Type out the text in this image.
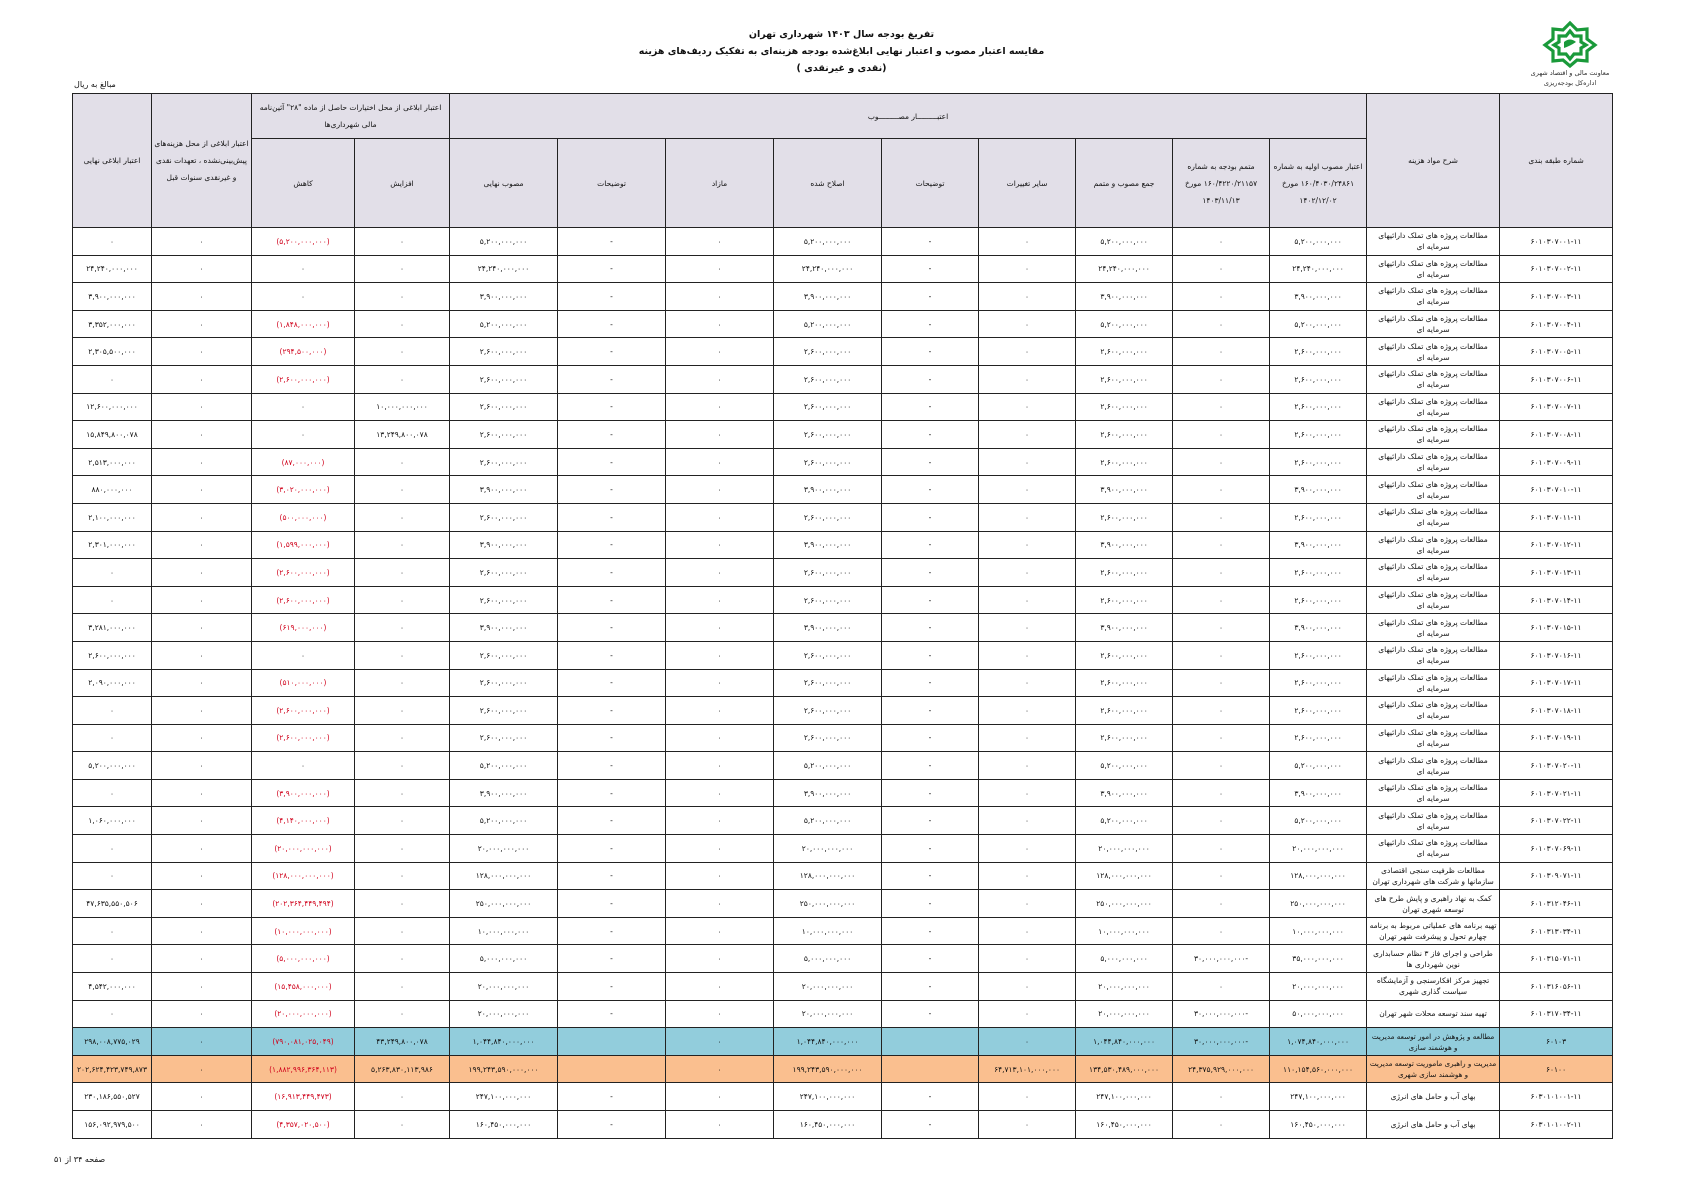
معاونت مالی و اقتصاد شهری
اداره‌کل بودجه‌ریزی
تفریغ بودجه سال ۱۴۰۳ شهرداری تهران
مقایسه اعتبار مصوب و اعتبار نهایی ابلاغ‌شده بودجه هزینه‌ای به تفکیک ردیف‌های هزینه
(نقدی و غیرنقدی )
مبالغ به ریال
شماره طبقه بندی	شرح مواد هزینه	اعتبـــــــــار مصـــــــــوب									اعتبار ابلاغی از محل اختیارات حاصل از ماده "۲۸" آئین‌نامه مالی شهرداری‌ها		اعتبار ابلاغی از محل هزینه‌های پیش‌بینی‌نشده ، تعهدات نقدی و غیرنقدی سنوات قبل	اعتبار ابلاغی نهایی
		اعتبار مصوب اولیه به شماره ۱۶۰/۴۰۳۰/۲۴۸۶۱ مورخ ۱۴۰۲/۱۲/۰۲	متمم بودجه به شماره ۱۶۰/۴۲۲۰/۲۱۱۵۷ مورخ ۱۴۰۳/۱۱/۱۳	جمع مصوب و متمم	سایر تغییرات	توضیحات	اصلاح شده	مازاد	توضیحات	مصوب نهایی	افزایش	کاهش		
۶۰۱۰۳۰۷۰۰۱-۱۱	مطالعات پروژه های تملک دارائیهای سرمایه ای	۵,۲۰۰,۰۰۰,۰۰۰	۰	۵,۲۰۰,۰۰۰,۰۰۰	۰	-	۵,۲۰۰,۰۰۰,۰۰۰	۰	-	۵,۲۰۰,۰۰۰,۰۰۰	۰	(۵,۲۰۰,۰۰۰,۰۰۰)	۰	۰
۶۰۱۰۳۰۷۰۰۲-۱۱	مطالعات پروژه های تملک دارائیهای سرمایه ای	۲۴,۲۴۰,۰۰۰,۰۰۰	۰	۲۴,۲۴۰,۰۰۰,۰۰۰	۰	-	۲۴,۲۴۰,۰۰۰,۰۰۰	۰	-	۲۴,۲۴۰,۰۰۰,۰۰۰	۰	۰	۰	۲۴,۲۴۰,۰۰۰,۰۰۰
۶۰۱۰۳۰۷۰۰۳-۱۱	مطالعات پروژه های تملک دارائیهای سرمایه ای	۳,۹۰۰,۰۰۰,۰۰۰	۰	۳,۹۰۰,۰۰۰,۰۰۰	۰	-	۳,۹۰۰,۰۰۰,۰۰۰	۰	-	۳,۹۰۰,۰۰۰,۰۰۰	۰	۰	۰	۳,۹۰۰,۰۰۰,۰۰۰
۶۰۱۰۳۰۷۰۰۴-۱۱	مطالعات پروژه های تملک دارائیهای سرمایه ای	۵,۲۰۰,۰۰۰,۰۰۰	۰	۵,۲۰۰,۰۰۰,۰۰۰	۰	-	۵,۲۰۰,۰۰۰,۰۰۰	۰	-	۵,۲۰۰,۰۰۰,۰۰۰	۰	(۱,۸۴۸,۰۰۰,۰۰۰)	۰	۳,۳۵۲,۰۰۰,۰۰۰
۶۰۱۰۳۰۷۰۰۵-۱۱	مطالعات پروژه های تملک دارائیهای سرمایه ای	۲,۶۰۰,۰۰۰,۰۰۰	۰	۲,۶۰۰,۰۰۰,۰۰۰	۰	-	۲,۶۰۰,۰۰۰,۰۰۰	۰	-	۲,۶۰۰,۰۰۰,۰۰۰	۰	(۲۹۴,۵۰۰,۰۰۰)	۰	۲,۳۰۵,۵۰۰,۰۰۰
۶۰۱۰۳۰۷۰۰۶-۱۱	مطالعات پروژه های تملک دارائیهای سرمایه ای	۲,۶۰۰,۰۰۰,۰۰۰	۰	۲,۶۰۰,۰۰۰,۰۰۰	۰	-	۲,۶۰۰,۰۰۰,۰۰۰	۰	-	۲,۶۰۰,۰۰۰,۰۰۰	۰	(۲,۶۰۰,۰۰۰,۰۰۰)	۰	۰
۶۰۱۰۳۰۷۰۰۷-۱۱	مطالعات پروژه های تملک دارائیهای سرمایه ای	۲,۶۰۰,۰۰۰,۰۰۰	۰	۲,۶۰۰,۰۰۰,۰۰۰	۰	-	۲,۶۰۰,۰۰۰,۰۰۰	۰	-	۲,۶۰۰,۰۰۰,۰۰۰	۱۰,۰۰۰,۰۰۰,۰۰۰	۰	۰	۱۲,۶۰۰,۰۰۰,۰۰۰
۶۰۱۰۳۰۷۰۰۸-۱۱	مطالعات پروژه های تملک دارائیهای سرمایه ای	۲,۶۰۰,۰۰۰,۰۰۰	۰	۲,۶۰۰,۰۰۰,۰۰۰	۰	-	۲,۶۰۰,۰۰۰,۰۰۰	۰	-	۲,۶۰۰,۰۰۰,۰۰۰	۱۳,۲۴۹,۸۰۰,۰۷۸	۰	۰	۱۵,۸۴۹,۸۰۰,۰۷۸
۶۰۱۰۳۰۷۰۰۹-۱۱	مطالعات پروژه های تملک دارائیهای سرمایه ای	۲,۶۰۰,۰۰۰,۰۰۰	۰	۲,۶۰۰,۰۰۰,۰۰۰	۰	-	۲,۶۰۰,۰۰۰,۰۰۰	۰	-	۲,۶۰۰,۰۰۰,۰۰۰	۰	(۸۷,۰۰۰,۰۰۰)	۰	۲,۵۱۳,۰۰۰,۰۰۰
۶۰۱۰۳۰۷۰۱۰-۱۱	مطالعات پروژه های تملک دارائیهای سرمایه ای	۳,۹۰۰,۰۰۰,۰۰۰	۰	۳,۹۰۰,۰۰۰,۰۰۰	۰	-	۳,۹۰۰,۰۰۰,۰۰۰	۰	-	۳,۹۰۰,۰۰۰,۰۰۰	۰	(۳,۰۲۰,۰۰۰,۰۰۰)	۰	۸۸۰,۰۰۰,۰۰۰
۶۰۱۰۳۰۷۰۱۱-۱۱	مطالعات پروژه های تملک دارائیهای سرمایه ای	۲,۶۰۰,۰۰۰,۰۰۰	۰	۲,۶۰۰,۰۰۰,۰۰۰	۰	-	۲,۶۰۰,۰۰۰,۰۰۰	۰	-	۲,۶۰۰,۰۰۰,۰۰۰	۰	(۵۰۰,۰۰۰,۰۰۰)	۰	۲,۱۰۰,۰۰۰,۰۰۰
۶۰۱۰۳۰۷۰۱۲-۱۱	مطالعات پروژه های تملک دارائیهای سرمایه ای	۳,۹۰۰,۰۰۰,۰۰۰	۰	۳,۹۰۰,۰۰۰,۰۰۰	۰	-	۳,۹۰۰,۰۰۰,۰۰۰	۰	-	۳,۹۰۰,۰۰۰,۰۰۰	۰	(۱,۵۹۹,۰۰۰,۰۰۰)	۰	۲,۳۰۱,۰۰۰,۰۰۰
۶۰۱۰۳۰۷۰۱۳-۱۱	مطالعات پروژه های تملک دارائیهای سرمایه ای	۲,۶۰۰,۰۰۰,۰۰۰	۰	۲,۶۰۰,۰۰۰,۰۰۰	۰	-	۲,۶۰۰,۰۰۰,۰۰۰	۰	-	۲,۶۰۰,۰۰۰,۰۰۰	۰	(۲,۶۰۰,۰۰۰,۰۰۰)	۰	۰
۶۰۱۰۳۰۷۰۱۴-۱۱	مطالعات پروژه های تملک دارائیهای سرمایه ای	۲,۶۰۰,۰۰۰,۰۰۰	۰	۲,۶۰۰,۰۰۰,۰۰۰	۰	-	۲,۶۰۰,۰۰۰,۰۰۰	۰	-	۲,۶۰۰,۰۰۰,۰۰۰	۰	(۲,۶۰۰,۰۰۰,۰۰۰)	۰	۰
۶۰۱۰۳۰۷۰۱۵-۱۱	مطالعات پروژه های تملک دارائیهای سرمایه ای	۳,۹۰۰,۰۰۰,۰۰۰	۰	۳,۹۰۰,۰۰۰,۰۰۰	۰	-	۳,۹۰۰,۰۰۰,۰۰۰	۰	-	۳,۹۰۰,۰۰۰,۰۰۰	۰	(۶۱۹,۰۰۰,۰۰۰)	۰	۳,۲۸۱,۰۰۰,۰۰۰
۶۰۱۰۳۰۷۰۱۶-۱۱	مطالعات پروژه های تملک دارائیهای سرمایه ای	۲,۶۰۰,۰۰۰,۰۰۰	۰	۲,۶۰۰,۰۰۰,۰۰۰	۰	-	۲,۶۰۰,۰۰۰,۰۰۰	۰	-	۲,۶۰۰,۰۰۰,۰۰۰	۰	۰	۰	۲,۶۰۰,۰۰۰,۰۰۰
۶۰۱۰۳۰۷۰۱۷-۱۱	مطالعات پروژه های تملک دارائیهای سرمایه ای	۲,۶۰۰,۰۰۰,۰۰۰	۰	۲,۶۰۰,۰۰۰,۰۰۰	۰	-	۲,۶۰۰,۰۰۰,۰۰۰	۰	-	۲,۶۰۰,۰۰۰,۰۰۰	۰	(۵۱۰,۰۰۰,۰۰۰)	۰	۲,۰۹۰,۰۰۰,۰۰۰
۶۰۱۰۳۰۷۰۱۸-۱۱	مطالعات پروژه های تملک دارائیهای سرمایه ای	۲,۶۰۰,۰۰۰,۰۰۰	۰	۲,۶۰۰,۰۰۰,۰۰۰	۰	-	۲,۶۰۰,۰۰۰,۰۰۰	۰	-	۲,۶۰۰,۰۰۰,۰۰۰	۰	(۲,۶۰۰,۰۰۰,۰۰۰)	۰	۰
۶۰۱۰۳۰۷۰۱۹-۱۱	مطالعات پروژه های تملک دارائیهای سرمایه ای	۲,۶۰۰,۰۰۰,۰۰۰	۰	۲,۶۰۰,۰۰۰,۰۰۰	۰	-	۲,۶۰۰,۰۰۰,۰۰۰	۰	-	۲,۶۰۰,۰۰۰,۰۰۰	۰	(۲,۶۰۰,۰۰۰,۰۰۰)	۰	۰
۶۰۱۰۳۰۷۰۲۰-۱۱	مطالعات پروژه های تملک دارائیهای سرمایه ای	۵,۲۰۰,۰۰۰,۰۰۰	۰	۵,۲۰۰,۰۰۰,۰۰۰	۰	-	۵,۲۰۰,۰۰۰,۰۰۰	۰	-	۵,۲۰۰,۰۰۰,۰۰۰	۰	۰	۰	۵,۲۰۰,۰۰۰,۰۰۰
۶۰۱۰۳۰۷۰۲۱-۱۱	مطالعات پروژه های تملک دارائیهای سرمایه ای	۳,۹۰۰,۰۰۰,۰۰۰	۰	۳,۹۰۰,۰۰۰,۰۰۰	۰	-	۳,۹۰۰,۰۰۰,۰۰۰	۰	-	۳,۹۰۰,۰۰۰,۰۰۰	۰	(۳,۹۰۰,۰۰۰,۰۰۰)	۰	۰
۶۰۱۰۳۰۷۰۲۲-۱۱	مطالعات پروژه های تملک دارائیهای سرمایه ای	۵,۲۰۰,۰۰۰,۰۰۰	۰	۵,۲۰۰,۰۰۰,۰۰۰	۰	-	۵,۲۰۰,۰۰۰,۰۰۰	۰	-	۵,۲۰۰,۰۰۰,۰۰۰	۰	(۴,۱۴۰,۰۰۰,۰۰۰)	۰	۱,۰۶۰,۰۰۰,۰۰۰
۶۰۱۰۳۰۷۰۶۹-۱۱	مطالعات پروژه های تملک دارائیهای سرمایه ای	۲۰,۰۰۰,۰۰۰,۰۰۰	۰	۲۰,۰۰۰,۰۰۰,۰۰۰	۰	-	۲۰,۰۰۰,۰۰۰,۰۰۰	۰	-	۲۰,۰۰۰,۰۰۰,۰۰۰	۰	(۲۰,۰۰۰,۰۰۰,۰۰۰)	۰	۰
۶۰۱۰۳۰۹۰۷۱-۱۱	مطالعات ظرفیت سنجی اقتصادی سازمانها و شرکت های شهرداری تهران	۱۲۸,۰۰۰,۰۰۰,۰۰۰	۰	۱۲۸,۰۰۰,۰۰۰,۰۰۰	۰	-	۱۲۸,۰۰۰,۰۰۰,۰۰۰	۰	-	۱۲۸,۰۰۰,۰۰۰,۰۰۰	۰	(۱۲۸,۰۰۰,۰۰۰,۰۰۰)	۰	۰
۶۰۱۰۳۱۲۰۴۶-۱۱	کمک به نهاد راهبری و پایش طرح های توسعه شهری تهران	۲۵۰,۰۰۰,۰۰۰,۰۰۰	۰	۲۵۰,۰۰۰,۰۰۰,۰۰۰	۰	-	۲۵۰,۰۰۰,۰۰۰,۰۰۰	۰	-	۲۵۰,۰۰۰,۰۰۰,۰۰۰	۰	(۲۰۲,۳۶۴,۴۴۹,۴۹۴)	۰	۴۷,۶۳۵,۵۵۰,۵۰۶
۶۰۱۰۳۱۳۰۳۴-۱۱	تهیه برنامه های عملیاتی مربوط به برنامه چهارم تحول و پیشرفت شهر تهران	۱۰,۰۰۰,۰۰۰,۰۰۰	۰	۱۰,۰۰۰,۰۰۰,۰۰۰	۰	-	۱۰,۰۰۰,۰۰۰,۰۰۰	۰	-	۱۰,۰۰۰,۰۰۰,۰۰۰	۰	(۱۰,۰۰۰,۰۰۰,۰۰۰)	۰	۰
۶۰۱۰۳۱۵۰۷۱-۱۱	طراحی و اجرای فاز ۳ نظام حسابداری نوین شهرداری ها	۳۵,۰۰۰,۰۰۰,۰۰۰	-۳۰,۰۰۰,۰۰۰,۰۰۰	۵,۰۰۰,۰۰۰,۰۰۰	۰	-	۵,۰۰۰,۰۰۰,۰۰۰	۰	-	۵,۰۰۰,۰۰۰,۰۰۰	۰	(۵,۰۰۰,۰۰۰,۰۰۰)	۰	۰
۶۰۱۰۳۱۶۰۵۶-۱۱	تجهیز مرکز افکارسنجی و آزمایشگاه سیاست گذاری شهری	۲۰,۰۰۰,۰۰۰,۰۰۰	۰	۲۰,۰۰۰,۰۰۰,۰۰۰	۰	-	۲۰,۰۰۰,۰۰۰,۰۰۰	۰	-	۲۰,۰۰۰,۰۰۰,۰۰۰	۰	(۱۵,۴۵۸,۰۰۰,۰۰۰)	۰	۴,۵۴۲,۰۰۰,۰۰۰
۶۰۱۰۳۱۷۰۳۴-۱۱	تهیه سند توسعه محلات شهر تهران	۵۰,۰۰۰,۰۰۰,۰۰۰	-۳۰,۰۰۰,۰۰۰,۰۰۰	۲۰,۰۰۰,۰۰۰,۰۰۰	۰	-	۲۰,۰۰۰,۰۰۰,۰۰۰	۰	-	۲۰,۰۰۰,۰۰۰,۰۰۰	۰	(۲۰,۰۰۰,۰۰۰,۰۰۰)	۰	۰
۶۰۱۰۳	مطالعه و پژوهش در امور توسعه مدیریت و هوشمند سازی	۱,۰۷۴,۸۴۰,۰۰۰,۰۰۰	-۳۰,۰۰۰,۰۰۰,۰۰۰	۱,۰۴۴,۸۴۰,۰۰۰,۰۰۰	۰		۱,۰۴۴,۸۴۰,۰۰۰,۰۰۰	۰		۱,۰۴۴,۸۴۰,۰۰۰,۰۰۰	۴۳,۲۴۹,۸۰۰,۰۷۸	(۷۹۰,۰۸۱,۰۲۵,۰۴۹)	۰	۲۹۸,۰۰۸,۷۷۵,۰۲۹
۶۰۱۰۰	مدیریت و راهبری ماموریت توسعه مدیریت و هوشمند سازی شهری	۱۱۰,۱۵۴,۵۶۰,۰۰۰,۰۰۰	۲۴,۳۷۵,۹۲۹,۰۰۰,۰۰۰	۱۳۴,۵۳۰,۴۸۹,۰۰۰,۰۰۰	۶۴,۷۱۳,۱۰۱,۰۰۰,۰۰۰		۱۹۹,۲۴۳,۵۹۰,۰۰۰,۰۰۰	۰		۱۹۹,۲۴۳,۵۹۰,۰۰۰,۰۰۰	۵,۲۶۳,۸۳۰,۱۱۳,۹۸۶	(۱,۸۸۲,۹۹۶,۳۶۴,۱۱۳)	۰	۲۰۲,۶۲۴,۴۲۳,۷۴۹,۸۷۳
۶۰۳۰۱۰۱۰۰۱-۱۱	بهای آب و حامل های انرژی	۲۴۷,۱۰۰,۰۰۰,۰۰۰	۰	۲۴۷,۱۰۰,۰۰۰,۰۰۰	۰	-	۲۴۷,۱۰۰,۰۰۰,۰۰۰	۰	-	۲۴۷,۱۰۰,۰۰۰,۰۰۰	۰	(۱۶,۹۱۳,۴۴۹,۴۷۳)	۰	۲۳۰,۱۸۶,۵۵۰,۵۲۷
۶۰۳۰۱۰۱۰۰۲-۱۱	بهای آب و حامل های انرژی	۱۶۰,۴۵۰,۰۰۰,۰۰۰	۰	۱۶۰,۴۵۰,۰۰۰,۰۰۰	۰	-	۱۶۰,۴۵۰,۰۰۰,۰۰۰	۰	-	۱۶۰,۴۵۰,۰۰۰,۰۰۰	۰	(۴,۳۵۷,۰۲۰,۵۰۰)	۰	۱۵۶,۰۹۲,۹۷۹,۵۰۰
صفحه ۳۴ از ۵۱
